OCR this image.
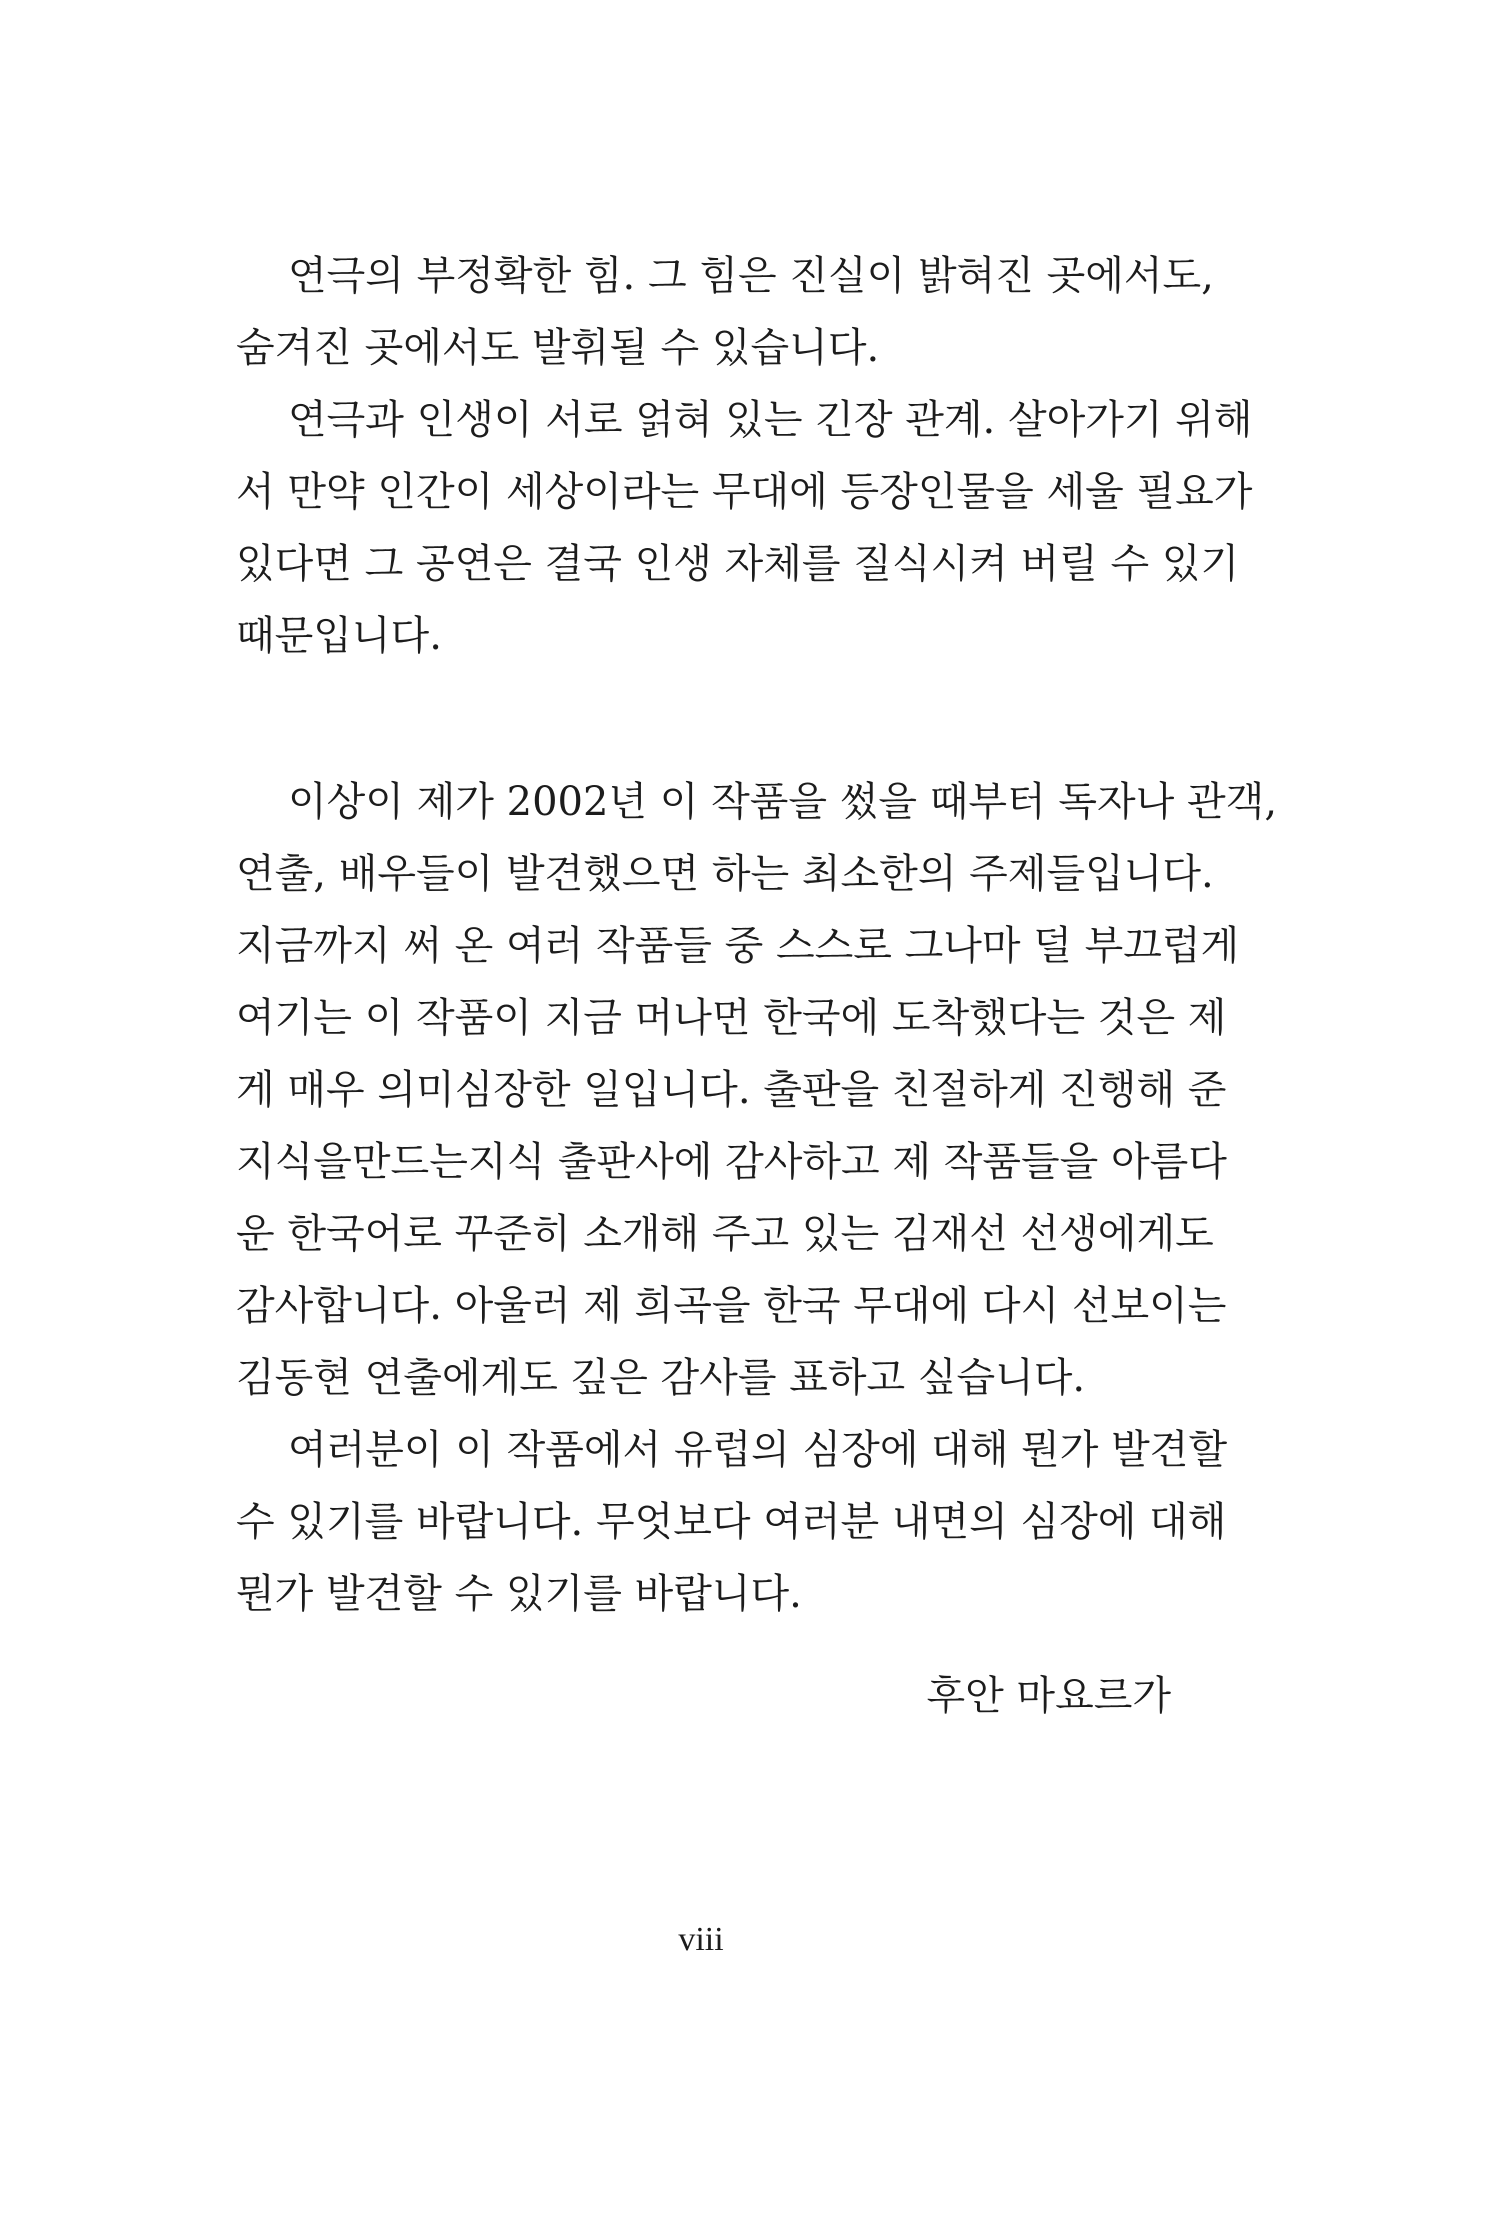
연극의 부정확한 힘. 그 힘은 진실이 밝혀진 곳에서도,
숨겨진 곳에서도 발휘될 수 있습니다.
연극과 인생이 서로 얽혀 있는 긴장 관계. 살아가기 위해
서 만약 인간이 세상이라는 무대에 등장인물을 세울 필요가
있다면 그 공연은 결국 인생 자체를 질식시켜 버릴 수 있기
때문입니다.
이상이 제가 2002년 이 작품을 썼을 때부터 독자나 관객,
연출, 배우들이 발견했으면 하는 최소한의 주제들입니다.
지금까지 써 온 여러 작품들 중 스스로 그나마 덜 부끄럽게
여기는 이 작품이 지금 머나먼 한국에 도착했다는 것은 제
게 매우 의미심장한 일입니다. 출판을 친절하게 진행해 준
지식을만드는지식 출판사에 감사하고 제 작품들을 아름다
운 한국어로 꾸준히 소개해 주고 있는 김재선 선생에게도
감사합니다. 아울러 제 희곡을 한국 무대에 다시 선보이는
김동현 연출에게도 깊은 감사를 표하고 싶습니다.
여러분이 이 작품에서 유럽의 심장에 대해 뭔가 발견할
수 있기를 바랍니다. 무엇보다 여러분 내면의 심장에 대해
뭔가 발견할 수 있기를 바랍니다.
후안 마요르가
viii
